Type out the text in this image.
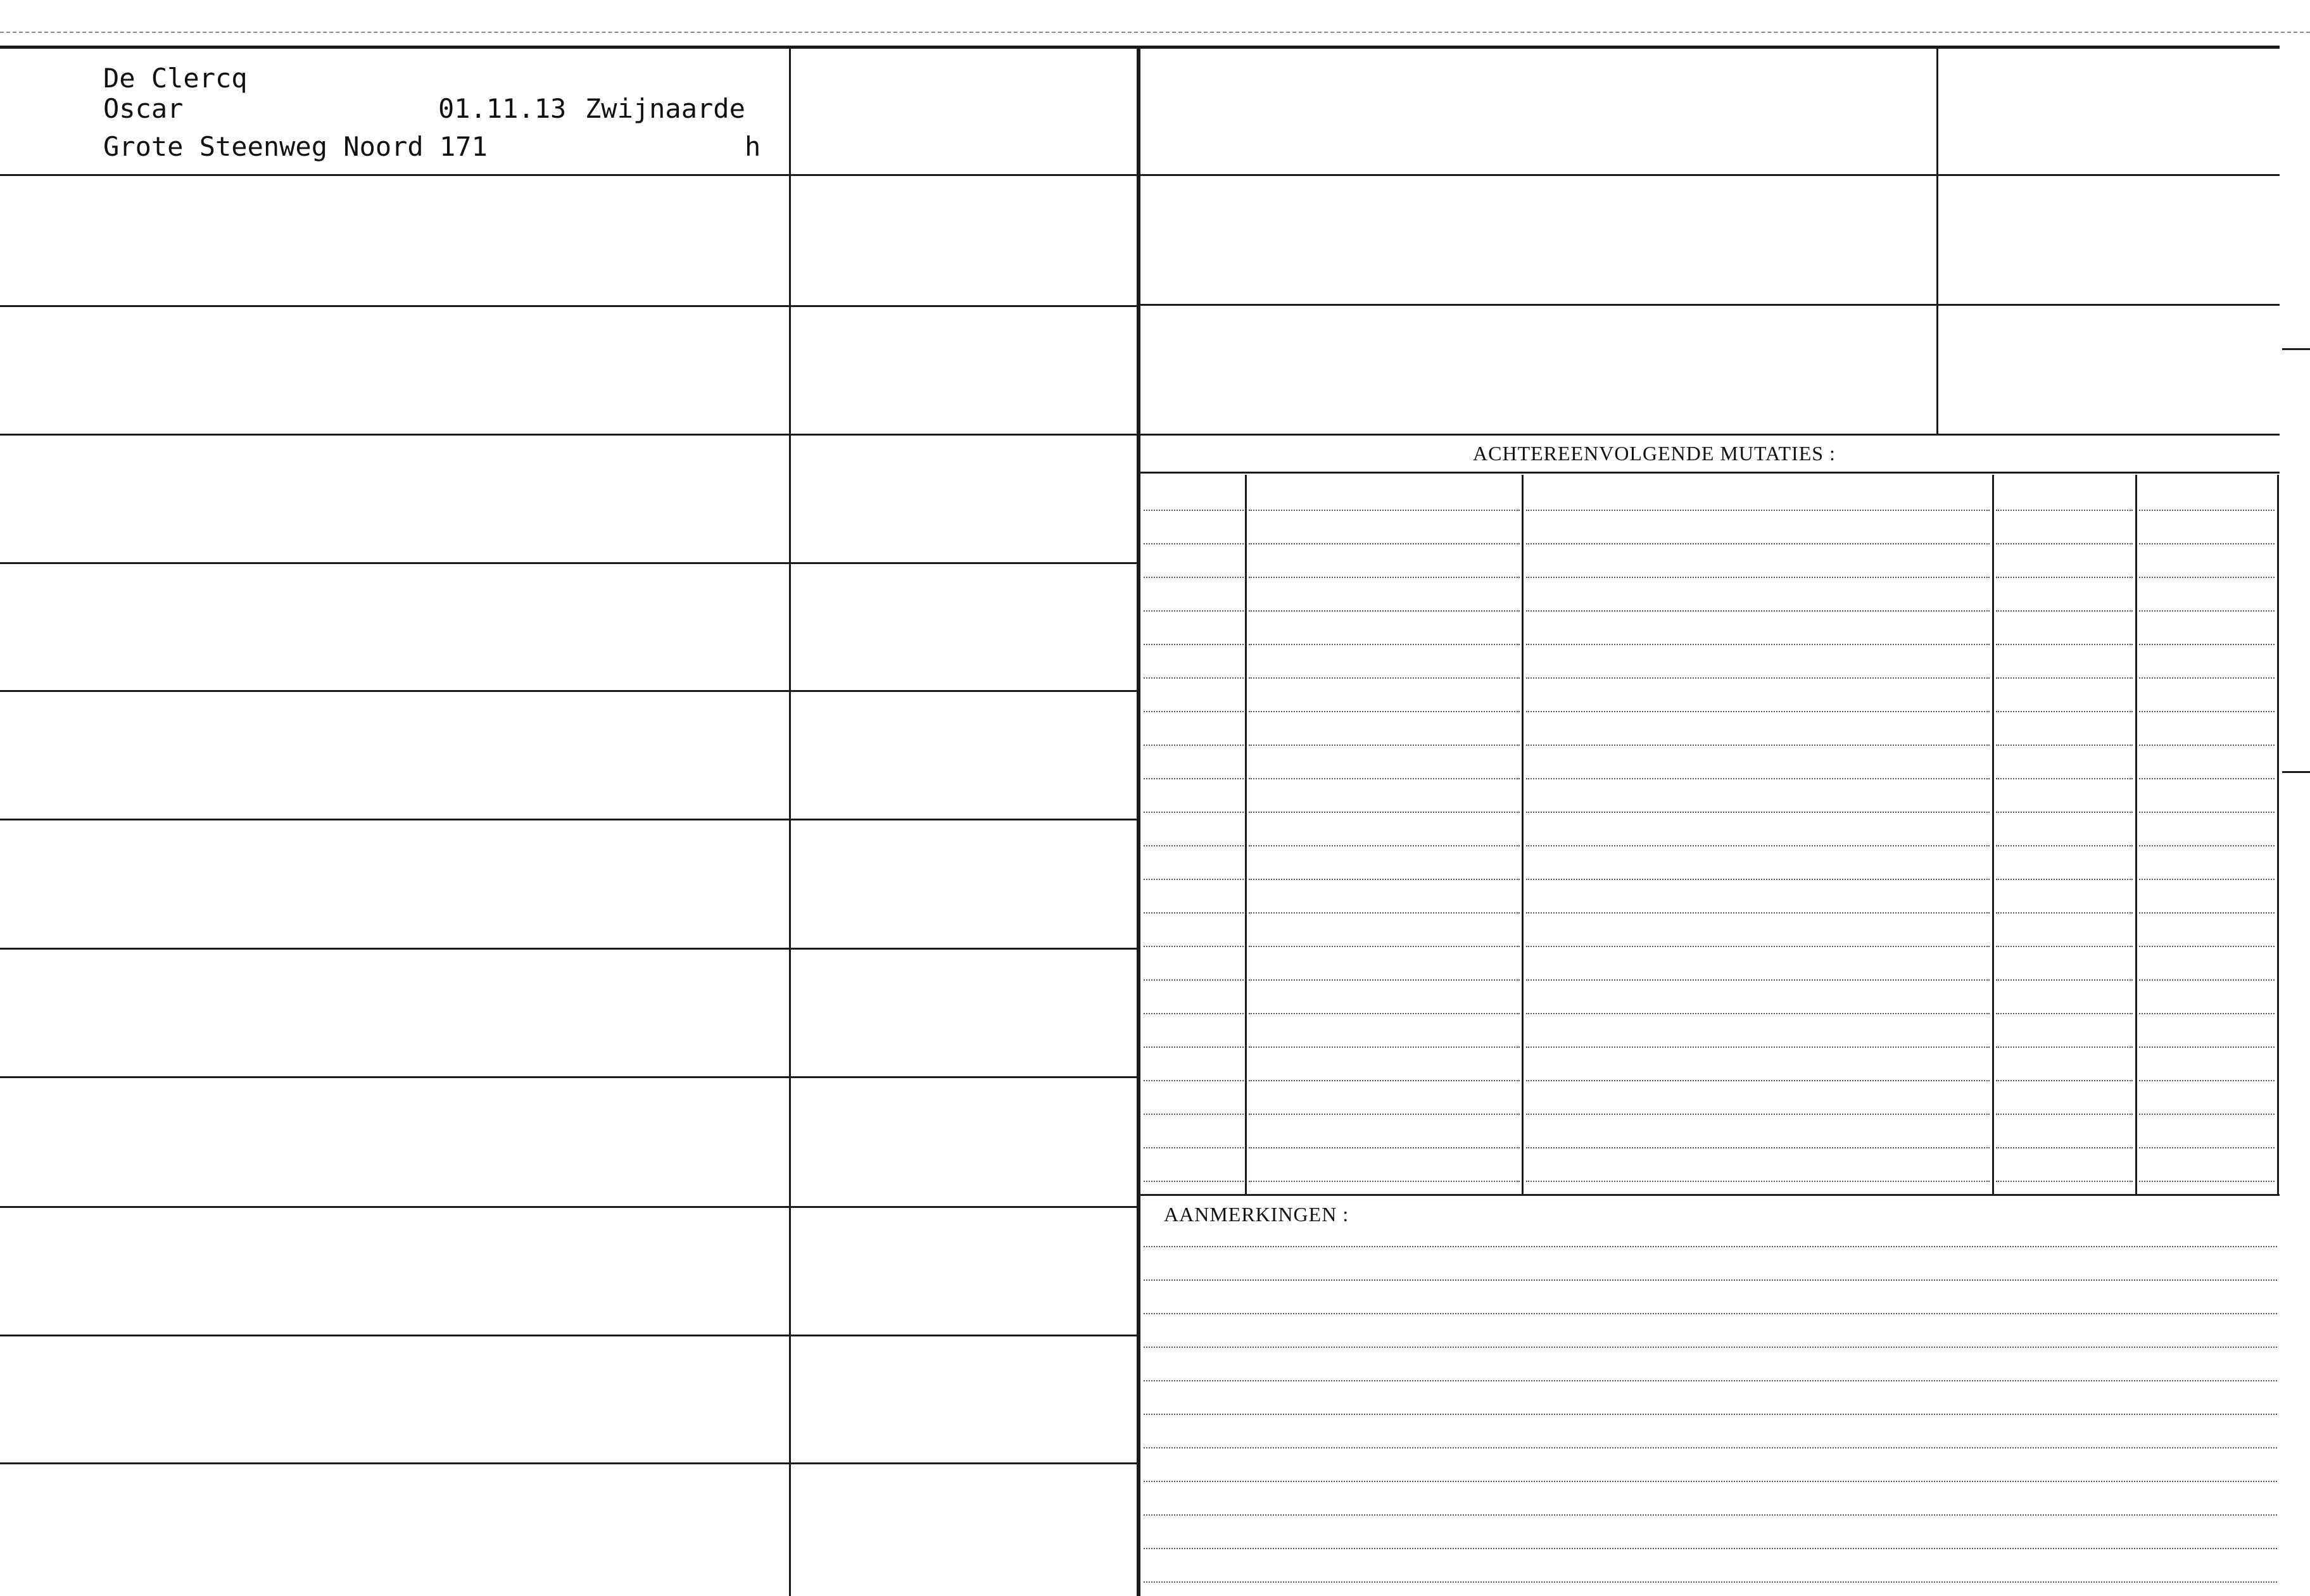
De Clercq
Oscar	01.11.13 Zwijnaarde
Grote Steenweg Noord 171	h
ACHTEREENVOLGENDE MUTATIES :
AANMERKINGEN :
